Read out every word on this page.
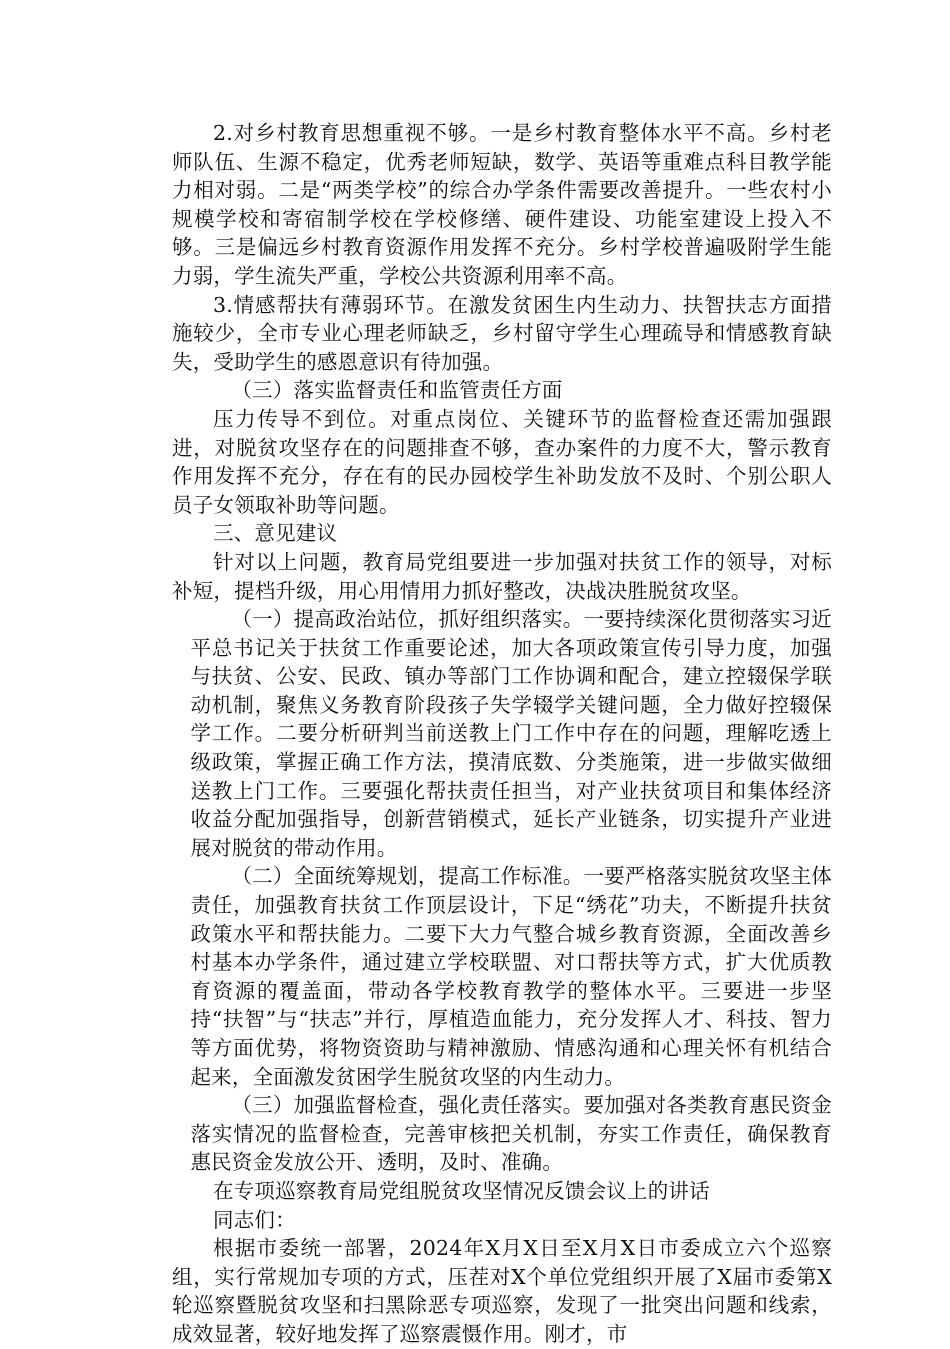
2.对乡村教育思想重视不够。一是乡村教育整体水平不高。乡村老师队伍、生源不稳定，优秀老师短缺，数学、英语等重难点科目教学能力相对弱。二是“两类学校”的综合办学条件需要改善提升。一些农村小规模学校和寄宿制学校在学校修缮、硬件建设、功能室建设上投入不够。三是偏远乡村教育资源作用发挥不充分。乡村学校普遍吸附学生能力弱，学生流失严重，学校公共资源利用率不高。

3.情感帮扶有薄弱环节。在激发贫困生内生动力、扶智扶志方面措施较少，全市专业心理老师缺乏，乡村留守学生心理疏导和情感教育缺失，受助学生的感恩意识有待加强。

（三）落实监督责任和监管责任方面

压力传导不到位。对重点岗位、关键环节的监督检查还需加强跟进，对脱贫攻坚存在的问题排查不够，查办案件的力度不大，警示教育作用发挥不充分，存在有的民办园校学生补助发放不及时、个别公职人员子女领取补助等问题。

三、意见建议

针对以上问题，教育局党组要进一步加强对扶贫工作的领导，对标补短，提档升级，用心用情用力抓好整改，决战决胜脱贫攻坚。

（一）提高政治站位，抓好组织落实。一要持续深化贯彻落实习近平总书记关于扶贫工作重要论述，加大各项政策宣传引导力度，加强与扶贫、公安、民政、镇办等部门工作协调和配合，建立控辍保学联动机制，聚焦义务教育阶段孩子失学辍学关键问题，全力做好控辍保学工作。二要分析研判当前送教上门工作中存在的问题，理解吃透上级政策，掌握正确工作方法，摸清底数、分类施策，进一步做实做细送教上门工作。三要强化帮扶责任担当，对产业扶贫项目和集体经济收益分配加强指导，创新营销模式，延长产业链条，切实提升产业进展对脱贫的带动作用。

（二）全面统筹规划，提高工作标准。一要严格落实脱贫攻坚主体责任，加强教育扶贫工作顶层设计，下足“绣花”功夫，不断提升扶贫政策水平和帮扶能力。二要下大力气整合城乡教育资源，全面改善乡村基本办学条件，通过建立学校联盟、对口帮扶等方式，扩大优质教育资源的覆盖面，带动各学校教育教学的整体水平。三要进一步坚持“扶智”与“扶志”并行，厚植造血能力，充分发挥人才、科技、智力等方面优势，将物资资助与精神激励、情感沟通和心理关怀有机结合起来，全面激发贫困学生脱贫攻坚的内生动力。

（三）加强监督检查，强化责任落实。要加强对各类教育惠民资金落实情况的监督检查，完善审核把关机制，夯实工作责任，确保教育惠民资金发放公开、透明，及时、准确。

在专项巡察教育局党组脱贫攻坚情况反馈会议上的讲话

同志们：

根据市委统一部署，2024年X月X日至X月X日市委成立六个巡察组，实行常规加专项的方式，压茬对X个单位党组织开展了X届市委第X轮巡察暨脱贫攻坚和扫黑除恶专项巡察，发现了一批突出问题和线索，成效显著，较好地发挥了巡察震慑作用。刚才，市
